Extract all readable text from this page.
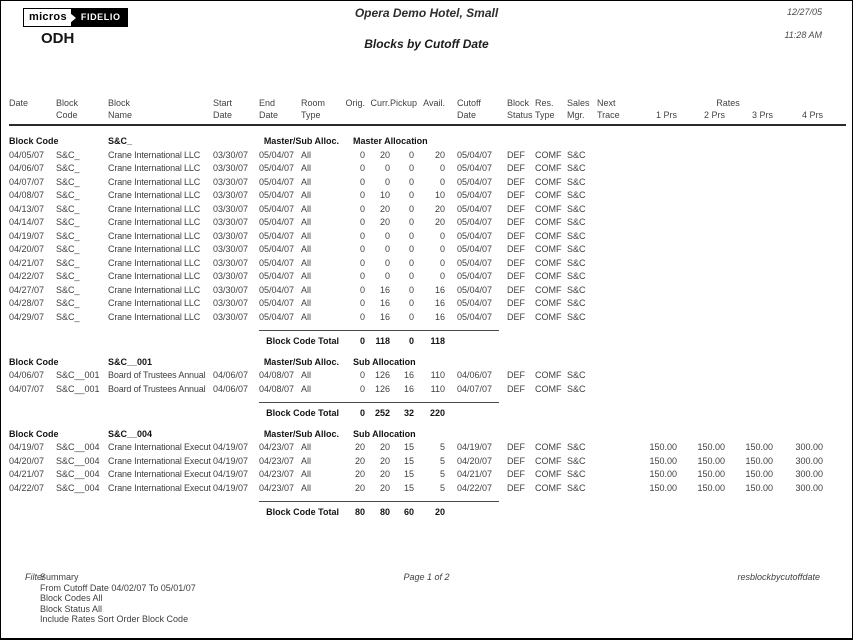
micros	FIDELIO
ODH
Opera Demo Hotel, Small
Blocks by Cutoff Date
12/27/05
11:28 AM
Date	Block	Block	Start	End	Room	Orig.	Curr.	Pickup	Avail.	Cutoff	Block	Res.	Sales	Next	Rates				
	Code	Name	Date	Date	Type					Date	Status	Type	Mgr.	Trace	1 Prs	2 Prs	3 Prs	4 Prs	
Block Code		S&C_	Master/Sub Alloc.			Master Allocation													
04/05/07	S&C_	Crane International LLC	03/30/07	05/04/07	All	0	20	0	20	05/04/07	DEF	COMF	S&C						
04/06/07	S&C_	Crane International LLC	03/30/07	05/04/07	All	0	0	0	0	05/04/07	DEF	COMF	S&C						
04/07/07	S&C_	Crane International LLC	03/30/07	05/04/07	All	0	0	0	0	05/04/07	DEF	COMF	S&C						
04/08/07	S&C_	Crane International LLC	03/30/07	05/04/07	All	0	10	0	10	05/04/07	DEF	COMF	S&C						
04/13/07	S&C_	Crane International LLC	03/30/07	05/04/07	All	0	20	0	20	05/04/07	DEF	COMF	S&C						
04/14/07	S&C_	Crane International LLC	03/30/07	05/04/07	All	0	20	0	20	05/04/07	DEF	COMF	S&C						
04/19/07	S&C_	Crane International LLC	03/30/07	05/04/07	All	0	0	0	0	05/04/07	DEF	COMF	S&C						
04/20/07	S&C_	Crane International LLC	03/30/07	05/04/07	All	0	0	0	0	05/04/07	DEF	COMF	S&C						
04/21/07	S&C_	Crane International LLC	03/30/07	05/04/07	All	0	0	0	0	05/04/07	DEF	COMF	S&C						
04/22/07	S&C_	Crane International LLC	03/30/07	05/04/07	All	0	0	0	0	05/04/07	DEF	COMF	S&C						
04/27/07	S&C_	Crane International LLC	03/30/07	05/04/07	All	0	16	0	16	05/04/07	DEF	COMF	S&C						
04/28/07	S&C_	Crane International LLC	03/30/07	05/04/07	All	0	16	0	16	05/04/07	DEF	COMF	S&C						
04/29/07	S&C_	Crane International LLC	03/30/07	05/04/07	All	0	16	0	16	05/04/07	DEF	COMF	S&C						

				Block Code Total		0	118	0	118										
Block Code		S&C__001	Master/Sub Alloc.			Sub Allocation													
04/06/07	S&C__001	Board of Trustees Annual	04/06/07	04/08/07	All	0	126	16	110	04/06/07	DEF	COMF	S&C						
04/07/07	S&C__001	Board of Trustees Annual	04/06/07	04/08/07	All	0	126	16	110	04/07/07	DEF	COMF	S&C						

				Block Code Total		0	252	32	220										
Block Code		S&C__004	Master/Sub Alloc.			Sub Allocation													
04/19/07	S&C__004	Crane International Execut	04/19/07	04/23/07	All	20	20	15	5	04/19/07	DEF	COMF	S&C		150.00	150.00	150.00	300.00	
04/20/07	S&C__004	Crane International Execut	04/19/07	04/23/07	All	20	20	15	5	04/20/07	DEF	COMF	S&C		150.00	150.00	150.00	300.00	
04/21/07	S&C__004	Crane International Execut	04/19/07	04/23/07	All	20	20	15	5	04/21/07	DEF	COMF	S&C		150.00	150.00	150.00	300.00	
04/22/07	S&C__004	Crane International Execut	04/19/07	04/23/07	All	20	20	15	5	04/22/07	DEF	COMF	S&C		150.00	150.00	150.00	300.00	

				Block Code Total		80	80	60	20										
Filter
Summary
From Cutoff Date 04/02/07 To 05/01/07
Block Codes All
Block Status All
Include Rates Sort Order Block Code
Page 1 of 2	resblockbycutoffdate
